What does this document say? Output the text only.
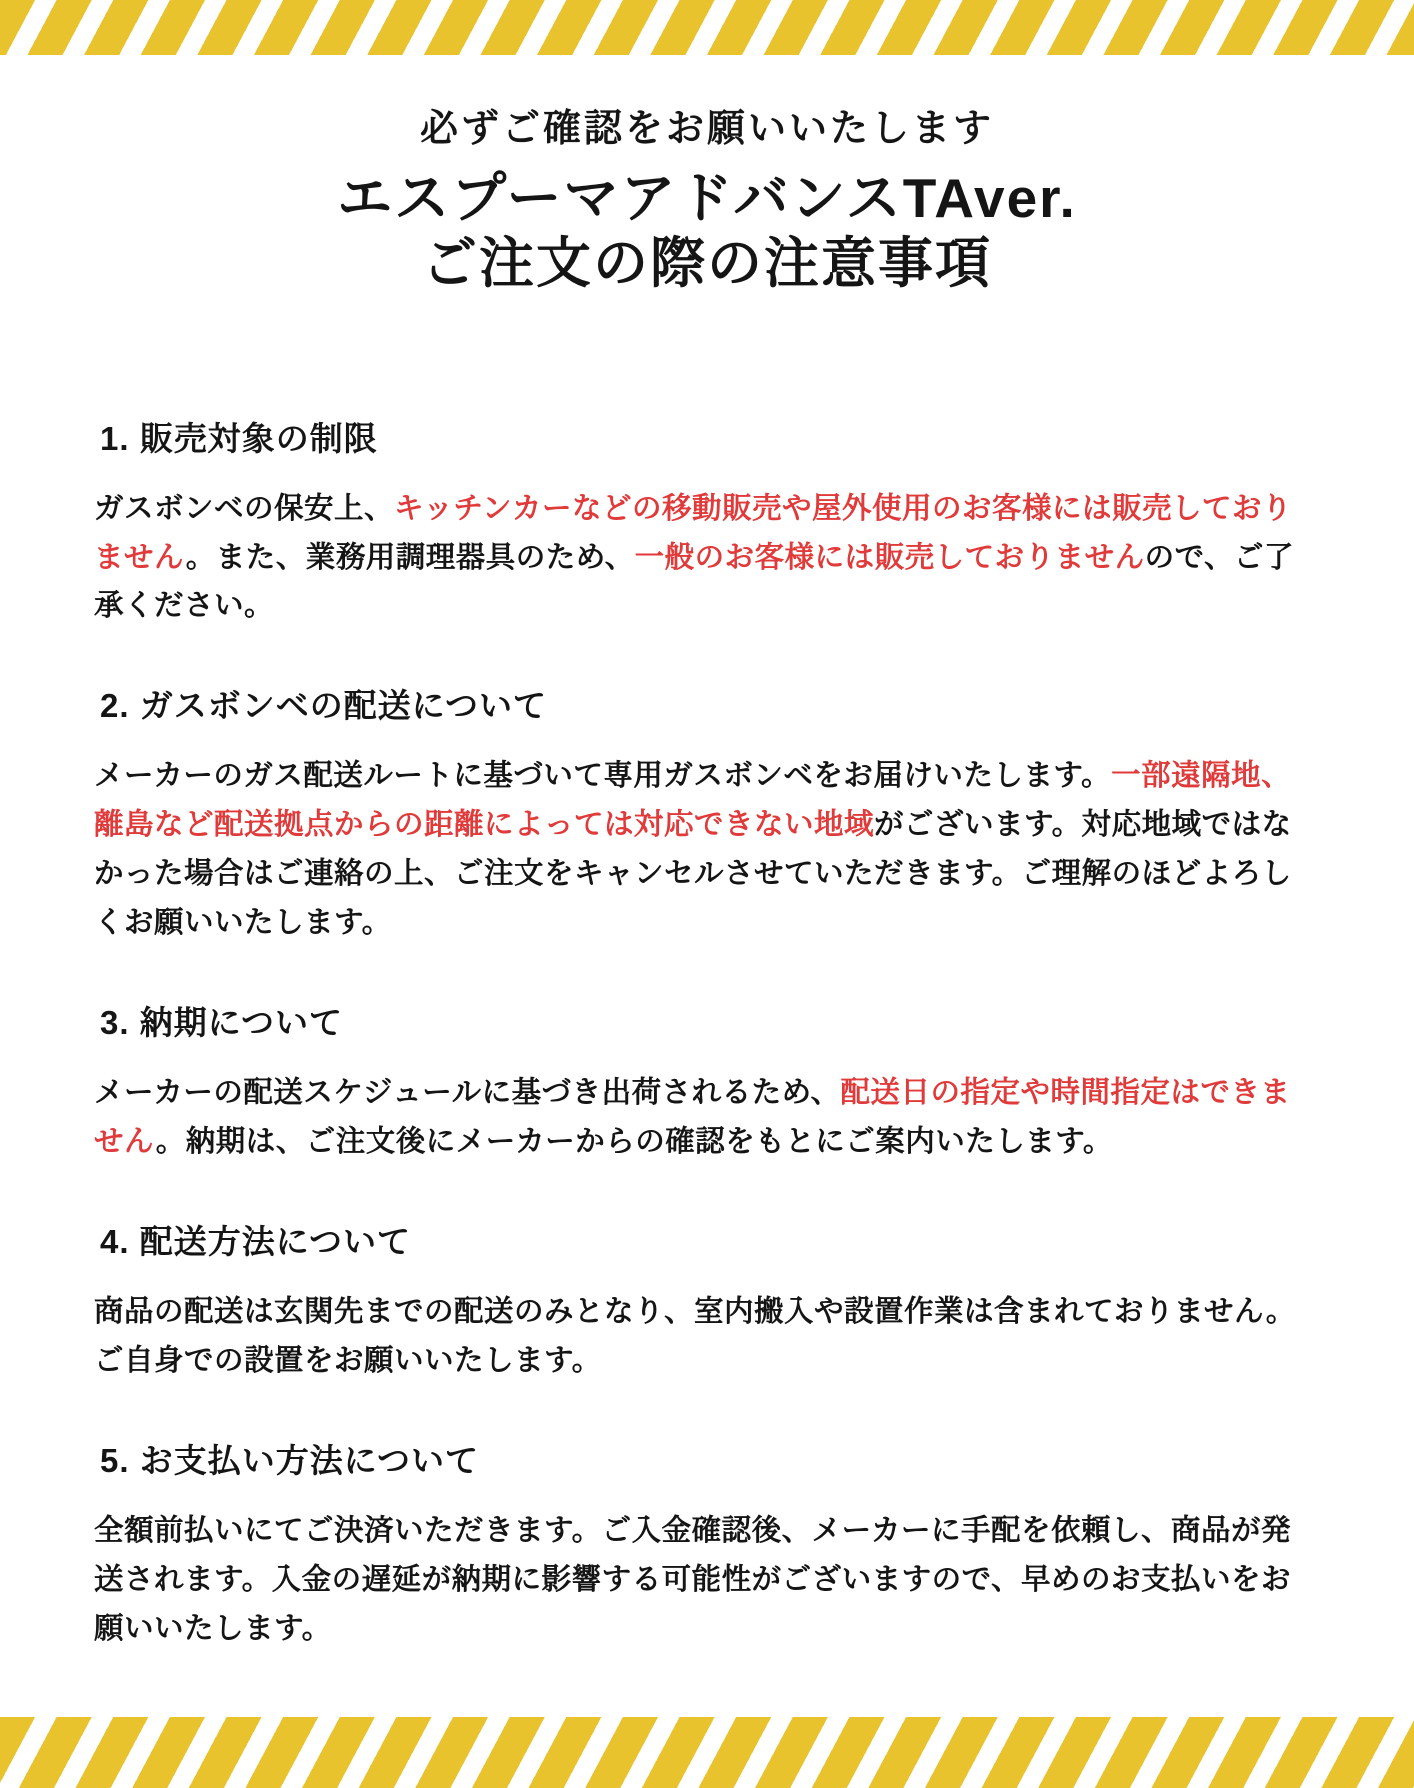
必ずご確認をお願いいたします
エスプーマアドバンスTAver.
ご注文の際の注意事項
1. 販売対象の制限

ガスボンベの保安上、キッチンカーなどの移動販売や屋外使用のお客様には販売しておりません。また、業務用調理器具のため、一般のお客様には販売しておりませんので、ご了承ください。

2. ガスボンベの配送について

メーカーのガス配送ルートに基づいて専用ガスボンベをお届けいたします。一部遠隔地、離島など配送拠点からの距離によっては対応できない地域がございます。対応地域ではなかった場合はご連絡の上、ご注文をキャンセルさせていただきます。ご理解のほどよろしくお願いいたします。

3. 納期について

メーカーの配送スケジュールに基づき出荷されるため、配送日の指定や時間指定はできません。納期は、ご注文後にメーカーからの確認をもとにご案内いたします。

4. 配送方法について

商品の配送は玄関先までの配送のみとなり、室内搬入や設置作業は含まれておりません。ご自身での設置をお願いいたします。

5. お支払い方法について

全額前払いにてご決済いただきます。ご入金確認後、メーカーに手配を依頼し、商品が発送されます。入金の遅延が納期に影響する可能性がございますので、早めのお支払いをお願いいたします。
